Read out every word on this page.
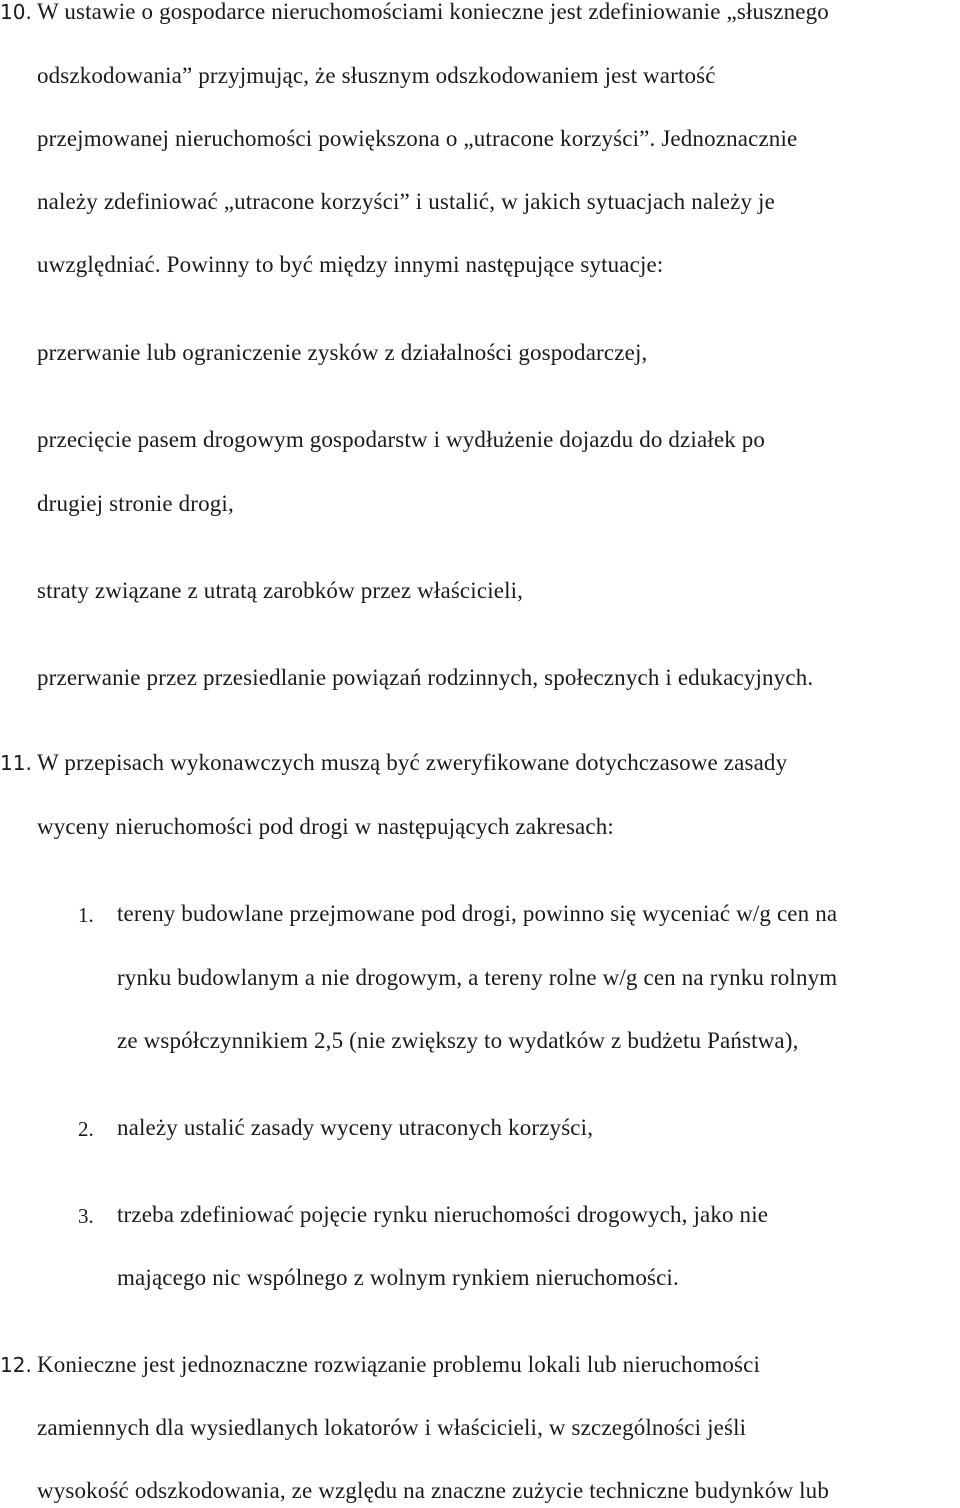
10. W ustawie o gospodarce nieruchomościami konieczne jest zdefiniowanie „słusznego
odszkodowania” przyjmując, że słusznym odszkodowaniem jest wartość
przejmowanej nieruchomości powiększona o „utracone korzyści”. Jednoznacznie
należy zdefiniować „utracone korzyści” i ustalić, w jakich sytuacjach należy je
uwzględniać. Powinny to być między innymi następujące sytuacje:
przerwanie lub ograniczenie zysków z działalności gospodarczej,
przecięcie pasem drogowym gospodarstw i wydłużenie dojazdu do działek po
drugiej stronie drogi,
straty związane z utratą zarobków przez właścicieli,
przerwanie przez przesiedlanie powiązań rodzinnych, społecznych i edukacyjnych.
11. W przepisach wykonawczych muszą być zweryfikowane dotychczasowe zasady
wyceny nieruchomości pod drogi w następujących zakresach:
1. tereny budowlane przejmowane pod drogi, powinno się wyceniać w/g cen na
rynku budowlanym a nie drogowym, a tereny rolne w/g cen na rynku rolnym
ze współczynnikiem 2,5 (nie zwiększy to wydatków z budżetu Państwa),
2. należy ustalić zasady wyceny utraconych korzyści,
3. trzeba zdefiniować pojęcie rynku nieruchomości drogowych, jako nie
mającego nic wspólnego z wolnym rynkiem nieruchomości.
12. Konieczne jest jednoznaczne rozwiązanie problemu lokali lub nieruchomości
zamiennych dla wysiedlanych lokatorów i właścicieli, w szczególności jeśli
wysokość odszkodowania, ze względu na znaczne zużycie techniczne budynków lub
